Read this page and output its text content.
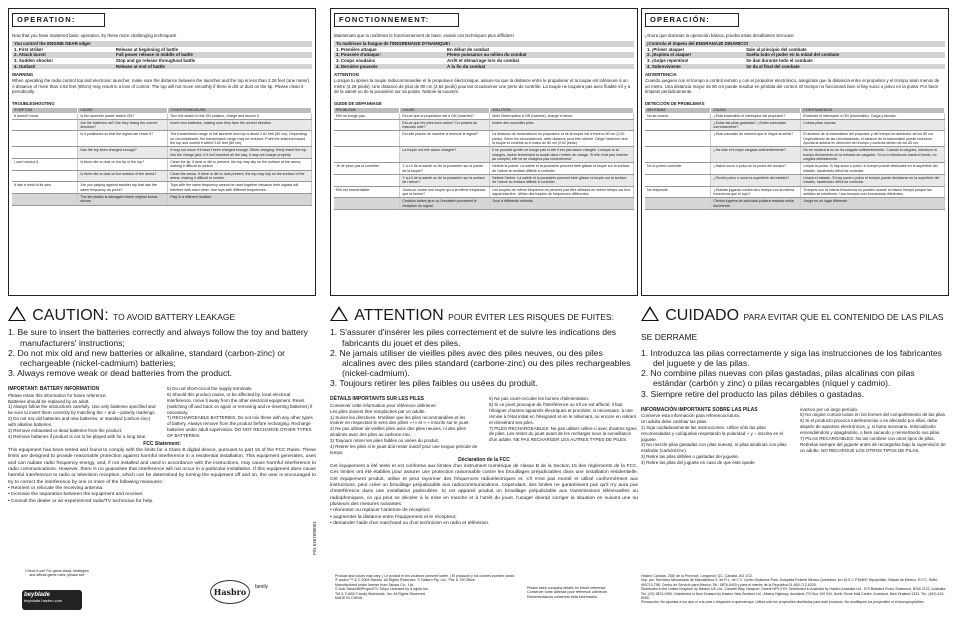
OPERATION:
Now that you have mastered basic operation, try these more challenging techniques!
You control the ENGINE GEAR edge!	
1. First strike!	Release at beginning of battle
2. Attack burst!	Full power release in middle of battle
3. Sudden shocks!	Stop and go release throughout battle
4. Outlast!	Release at end of battle
WARNING
When operating the radio control top and electronic launcher, make sure the distance between the launcher and the top is less than 3.28 feet (one meter). A distance of more than 2.62 feet (80cm) may result in a loss of control. The top will not move smoothly if there is dirt or dust on the tip. Please clean it periodically.
TROUBLESHOOTING
SYMPTOM	CAUSE	COUNTERMEASURE
It doesn't move.	Is the launcher power switch ON?	Turn the switch to the ON position, charge and launch it.
	Are the batteries old? Are they facing the correct direction?	Insert new batteries, making sure they face the correct direction.
	Is it positioned so that the signal can reach it?	The transmission range of the launcher and top is about 2.62 feet (80 cm). Depending on circumstances, the transmission range may be reduced. Point the antenna toward the top and control it within 2.62 feet (80 cm).
	Has the top been charged enough?	If may not move if it hasn't been charged enough. When charging, firmly insert the top into the charge jack. If it isn't inserted all the way, it may not charge properly.
I can't control it.	Is there dirt or dust on the tip of the top?	Clean the tip. If dust or dirt is present, the top may slip on the surface of the arena, making it difficult to control.
	Is there dirt or dust on the surface of the arena?	Clean the arena. If there is dirt or dust present, the top may slip on the surface of the arena, making it difficult to control.
It has a mind of its own.	Are you playing against another top that has the same frequency as yours?	Tops with the same frequency cannot be used together because their signals will interfere with each other. Use tops with different frequencies.
	The tire plastic is damaged where original bonus shows.	Play in a different location.
! CAUTION: TO AVOID BATTERY LEAKAGE
1. Be sure to insert the batteries correctly and always follow the toy and battery manufacturers' instructions;
2. Do not mix old and new batteries or alkaline, standard (carbon-zinc) or rechargeable (nickel-cadmium) batteries;
3. Always remove weak or dead batteries from the product.
IMPORTANT: BATTERY INFORMATION
Please retain this information for future reference.
Batteries should be replaced by an adult.
1) Always follow the instructions carefully. Use only batteries specified and be sure to insert them correctly by matching the + and – polarity markings.
2) Do not mix old batteries and new batteries, or standard (carbon-zinc) with alkaline batteries.
3) Remove exhausted or dead batteries from the product.
4) Remove batteries if product is not to be played with for a long time.
5) Do not short-circuit the supply terminals.
6) Should this product cause, or be affected by, local electrical interference, move it away from the other electrical equipment. Reset (switching off and back on again or removing and re-inserting batteries) if necessary.
7) RECHARGEABLE BATTERIES: Do not mix these with any other types of battery. Always remove from the product before recharging. Recharge batteries under adult supervision. DO NOT RECHARGE OTHER TYPES OF BATTERIES.
FCC Statement:
This equipment has been tested and found to comply with the limits for a Class B digital device, pursuant to part 15 of the FCC Rules. These limits are designed to provide reasonable protection against harmful interference in a residential installation. This equipment generates, uses and can radiate radio frequency energy, and, if not installed and used in accordance with the instructions, may cause harmful interference to radio communications. However, there is no guarantee that interference will not occur in a particular installation. If this equipment does cause harmful interference to radio or television reception, which can be determined by turning the equipment off and on, the user is encouraged to try to correct the interference by one or more of the following measures:
• Reorient or relocate the receiving antenna.
• Increase the separation between the equipment and receiver.
• Consult the dealer or an experienced radio/TV technician for help.
FONCTIONNEMENT:
Maintenant que tu maîtrises le fonctionnement de base, essaie ces techniques plus difficiles!
Tu maîtrises la fougue de l'ENGRENAGE DYNAMIQUE!	
1. Première attaque	En début de combat
2. Poussée d'attaque:	Pleine puissance au milieu du combat
3. Coups soudains	Arrêt et démarrage lors du combat
4. Dernière poussée	À la fin du combat
ATTENTION
Lorsque tu spines la toupie radiocommandée et le propulseur électronique, assure-toi que la distance entre le propulseur et la toupie est inférieure à un mètre (3.28 pieds). Une distance de plus de 80 cm (2,62 pieds) pourrait occasionner une perte de contrôle. La toupie ne toupiera pas avec fluidité s'il y a de la saleté ou de la poussière sur sa pointe. Nettoie-la souvent.
GUIDE DE DÉPANNAGE
PROBLÈME	CAUSE	SOLUTION
Elle ne bouge pas.	Est-ce que le propulseur est à ON (marche)?	Mets l'interrupteur à ON (marche), charge et lance.
	Est-ce que les piles sont usées? Ou posées du mauvais côté?	Insère des nouvelles piles.
	Est-elle placée de manière à recevoir le signal?	La distance de transmission du propulseur et de la toupie est d'environ 80 cm (2,62 pieds). Selon les circonstances, cette distance peut être réduite. Dirige l'antenne vers la toupie et contrôle-la à moins de 80 cm (2,62 pieds).
	La toupie est-elle assez chargée?	Il se pourrait qu'elle ne bouge pas si elle n'est pas assez chargée. Lorsque tu la charges, insère fermement la toupie dans l'entrée de charge. Si elle n'est pas insérée au complet, elle ne se chargera pas correctement.
Je ne peux pas la contrôler.	Y a-t-il de la saleté ou de la poussière sur la pointe de la toupie?	Nettoie la pointe. La saleté et la poussière peuvent faire glisser la toupie sur la surface de l'arène la rendant difficile à contrôler.
	Y a-t-il de la saleté ou de la poussière sur la surface de l'arène?	Nettoie l'arène. La saleté et la poussière peuvent faire glisser la toupie sur la surface de l'arène la rendant difficile à contrôler.
Elle est incontrôlable.	Joues-tu contre une toupie qui a la même fréquence que la tienne?	Les toupies de même fréquence ne peuvent pas être utilisées en même temps car leur signal interfère. Utilise des toupies de fréquences différentes.
	Certains autres jeux ou l'encastré pourraient le réception du signal.	Joue à différents endroits.
! ATTENTION POUR ÉVITER LES RISQUES DE FUITES:
1. S'assurer d'insérer les piles correctement et de suivre les indications des fabricants du jouet et des piles.
2. Ne jamais utiliser de vieilles piles avec des piles neuves, ou des piles alcalines avec des piles standard (carbone-zinc) ou des piles rechargeables (nickel-cadmium).
3. Toujours retirer les piles faibles ou usées du produit.
DÉTAILS IMPORTANTS SUR LES PILES
Conserver cette information pour référence ultérieure.
Les piles doivent être remplacées par un adulte.
1) Suivre les directives. N'utiliser que les piles recommandées et les insérer en respectant le sens des pôles «+» et «-» inscrits sur le jouet.
2) Ne pas utiliser de vieilles piles avec des piles neuves, ni des piles alcalines avec des piles au carbone-zinc.
3) Toujours retirer les piles faibles ou usées du produit.
4) Retirer les piles si le jouet doit rester inactif pour une longue période de temps.
5) Ne pas court-circuiter les bornes d'alimentation.
6) Si ce jouet provoque de l'interférence ou s'il en est affecté, il faut l'éloigner d'autres appareils électriques et procéder, si nécessaire, à une remise à l'état initial en l'éteignant et en le rallumant, ou encore en retirant et réinsérant ses piles.
7) PILES RECHARGEABLES: Ne pas utiliser celles-ci avec d'autres types de piles. Les retirer du jouet avant de les recharger sous la surveillance d'un adulte. NE PAS RECHARGER LES AUTRES TYPES DE PILES.
Déclaration de la FCC
Cet équipement a été testé et est conforme aux limites d'un instrument numérique de classe B de la Section 15 des règlements de la FCC. Ces limites ont été établies pour assurer une protection raisonnable contre les brouillages préjudiciables dans une installation résidentielle. Cet équipement produit, utilise et peut rayonner des fréquences radioélectriques et, s'il n'est pas monté et utilisé conformément aux instructions, peut créer un brouillage préjudiciable aux radiocommunications. Cependant, des limites ne garantissent pas qu'il n'y aura pas d'interférence dans une installation particulière. Si cet appareil produit un brouillage préjudiciable aux transmissions télévisuelles ou radiophoniques, ce qui peut se déceler à la mise en marche et à l'arrêt du jouet, l'usager devrait corriger la situation en suivant une ou plusieurs des mesures suivantes:
• réorienter ou replacer l'antenne de réception;
• augmenter la distance entre l'équipement et le récepteur;
• demander l'aide d'un marchand ou d'un technicien en radio et télévision.
OPERACIÓN:
¡Ahora que dominas la operación básica, prueba estas desafiantes técnicas!
¡Controla el ímpetu del ENGRANAJE DINÁMICO!	
1. ¡Primer ataque!	Sale al principio del combate
2. ¡Explota el ataque!	Suelta todo el poder en la mitad del combate
3. ¡Golpe repentino!	Se dan durante todo el combate
4. Sobreviviente	Se da al final del combate
ADVERTENCIA
Cuando juegues con el trompo a control remoto y con el propulsor electrónico, asegúrate que la distancia entre el propulsor y el trompo sean menos de un metro. Una distancia mayor de 80 cm puede resultar en pérdida del control. El trompo no funcionará bien si hay sucio o polvo en la punta. Por favor límpialo periódicamente.
DETECCIÓN DE PROBLEMAS
SÍNTOMAS	CAUSA	CONTRAMEDIDA
No se mueve.	¿Está encendido el interruptor del propulsor?	Enciende el interruptor a ON (encendido). Carga y lánzalo.
	¿Están las pilas gastadas? ¿Están colocadas correctamente?	Coloca pilas nuevas.
	¿Está colocado de manera que le llegue la señal?	El alcance de la transmisión del propulsor y del trompo es alrededor de los 80 cm. Dependiendo de las circunstancias, el alcance de la transmisión puede reducirse. Apunta la antena en dirección del trompo y controla dentro de los 80 cm.
	¿Ha sido el trompo cargado suficientemente?	No se moverá si no se ha cargado suficientemente. Cuando lo cargues, introduce el trompo firmemente en la entrada de cargador. Si no lo introduces hasta el fondo, no cargará debidamente.
No lo puedo controlar.	¿Habrá sucio o polvo en la punta del trompo?	Limpia la punta. Si hay sucio o polvo, el trompo puede deslizarse en la superficie del estadio, haciéndolo difícil de controlar.
	¿Tendrá polvo o sucio la superficie del estadio?	Limpia el estadio. Si hay sucio o polvo el trompo puede deslizarse en la superficie del estadio, haciéndolo difícil de controlar.
No responde.	¿Estarás jugando contra otro trompo con la misma frecuencia que el tuyo?	Trompos con la misma frecuencia no pueden usarse al mismo tiempo porque las señales se interfieren. Usa trompos con frecuencias diferentes.
	Ciertos lugares de actividad pudiera retardar señal fácilmente.	Juega en un lugar diferente.
! CUIDADO PARA EVITAR QUE EL CONTENIDO DE LAS PILAS SE DERRAME
1. Introduzca las pilas correctamente y siga las instrucciones de los fabricantes del juguete y de las pilas.
2. No combine pilas nuevas con pilas gastadas, pilas alcalinas con pilas estándar (carbón y zinc) o pilas recargables (níquel y cadmio).
3. Siempre retire del producto las pilas débiles o gastadas.
INFORMACIÓN IMPORTANTE SOBRE LAS PILAS
Conserve esta información para referencia futura.
Un adulto debe cambiar las pilas.
1) Siga cuidadosamente las instrucciones. Utilice sólo las pilas recomendadas y colóquelas respetando la polaridad + y – inscrita en el juguete.
2) No mezcle pilas gastadas con pilas nuevas, ni pilas alcalinas con pilas estándar (carbón/zinc).
3) Retire las pilas débiles o gastadas del juguete.
4) Retire las pilas del juguete en caso de que éste quede
inactivo por un largo período.
5) No origine cortocircuitos en los bornes del compartimiento de las pilas.
6) Si el producto provoca interferencias o es afectado por ellas, debe alejarlo de aparatos electrónicos, y, si fuera necesario, reinicializarlo encendiéndolo y apagándolo, o bien sacando y reinsertando sus pilas.
7) PILAS RECARGABLES: No las combine con otros tipos de pilas. Retírelas siempre del juguete antes de recargarlas bajo la supervisión de un adulto. NO RECARGUE LOS OTROS TIPOS DE PILAS.
P/N 6367600001
Check it out! For game ideas, strategies and official game rules, please see
beyblade
beyblade.hasbro.com
Hasbro	family
Product and colors may vary. | Le produit et les couleurs peuvent varier. | El producto y los colores pueden variar.
® and/or ™ & © 2004 Hasbro. All Rights Reserved. © Hasbro Pty. Ltd., Pat. & TM Office.
Manufactured under license from Takara Co., Ltd.
© Aoki Takao/BBProject/TV Tokyo Licensed by d-rights Inc.
TM & © ABC Family Worldwide, Inc. All Rights Reserved.
MADE IN CHINA
Please keep company details for future reference.
Conserver notre adresse pour référence ultérieure.
Recomendamos conservar esta información.
Hasbro Canada, 2350 de la Province, Longueuil, QC, Canada J4G 1G2.
Imp. por: Servicios Mercancias de Manufactura S. de R.L. de C.V. Centro Business Park, Autopista Federal México-Querétaro, km 42.5 C.P.54600 Tepotzotlán, Estado de México. R.F.C. SMM-990713-T58. Centro de Servicio para México: Tel.: 5876-8400 y para el interior de la República 01-800-712-6225.
Distributed in the United Kingdom by Hasbro UK Ltd., Caswell Way, Newport, Gwent NP9 0YH. Distributed in Australia by Hasbro Australia Ltd., 570 Blaxland Road, Eastwood, NSW 2122, Australia. Tel.: (02) 9874-0999. Distributed in New Zealand by Hasbro New Zealand Ltd., Albany Highway, Auckland, PO Box 100 940, North Shore Mail Centre, Auckland, New Zealand 1333. Tel.: (649) 415-8006.
Precaución: No apuntes a los ojos ni a la cara o disparare a quemarropa. Utiliza sólo los proyectiles diseñados para este producto. No modifiques los proyectiles ni el lanzaproyectiles.
